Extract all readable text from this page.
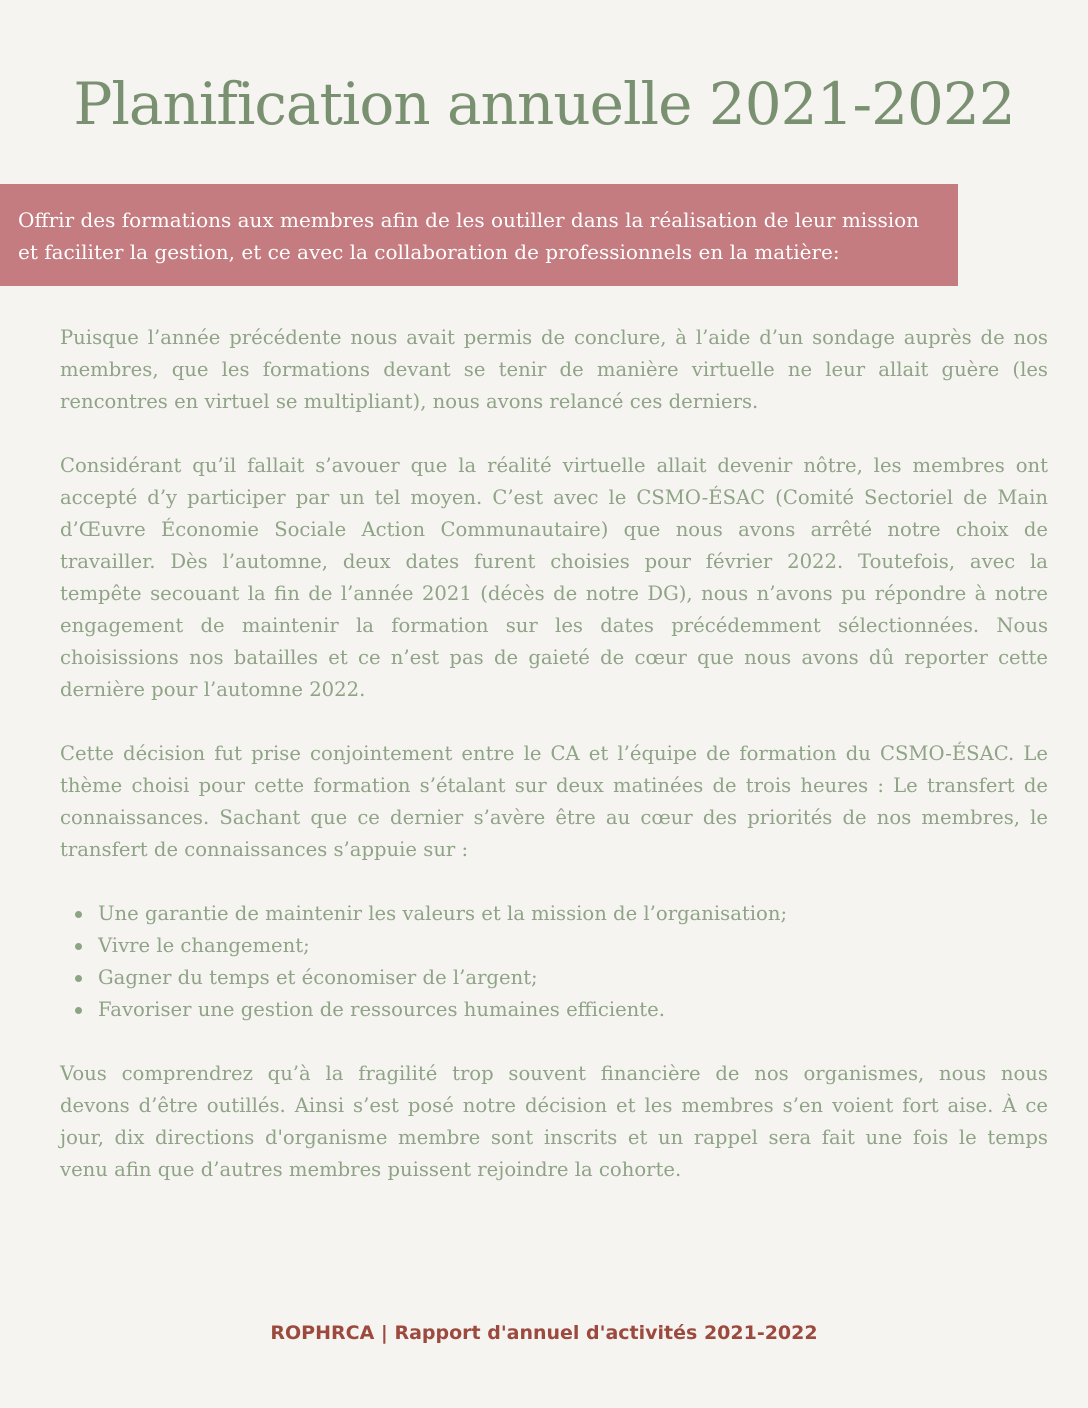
Planification annuelle 2021-2022
Offrir des formations aux membres afin de les outiller dans la réalisation de leur mission
et faciliter la gestion, et ce avec la collaboration de professionnels en la matière:

Puisque l’année précédente nous avait permis de conclure, à l’aide d’un sondage auprès de nos
membres, que les formations devant se tenir de manière virtuelle ne leur allait guère (les
rencontres en virtuel se multipliant), nous avons relancé ces derniers.

Considérant qu’il fallait s’avouer que la réalité virtuelle allait devenir nôtre, les membres ont
accepté d’y participer par un tel moyen. C’est avec le CSMO-ÉSAC (Comité Sectoriel de Main
d’Œuvre Économie Sociale Action Communautaire) que nous avons arrêté notre choix de
travailler. Dès l’automne, deux dates furent choisies pour février 2022. Toutefois, avec la
tempête secouant la fin de l’année 2021 (décès de notre DG), nous n’avons pu répondre à notre
engagement de maintenir la formation sur les dates précédemment sélectionnées. Nous
choisissions nos batailles et ce n’est pas de gaieté de cœur que nous avons dû reporter cette
dernière pour l’automne 2022.

Cette décision fut prise conjointement entre le CA et l’équipe de formation du CSMO-ÉSAC. Le
thème choisi pour cette formation s’étalant sur deux matinées de trois heures : Le transfert de
connaissances. Sachant que ce dernier s’avère être au cœur des priorités de nos membres, le
transfert de connaissances s’appuie sur :

Une garantie de maintenir les valeurs et la mission de l’organisation;
Vivre le changement;
Gagner du temps et économiser de l’argent;
Favoriser une gestion de ressources humaines efficiente.

Vous comprendrez qu’à la fragilité trop souvent financière de nos organismes, nous nous
devons d’être outillés. Ainsi s’est posé notre décision et les membres s’en voient fort aise. À ce
jour, dix directions d'organisme membre sont inscrits et un rappel sera fait une fois le temps
venu afin que d’autres membres puissent rejoindre la cohorte.

ROPHRCA | Rapport d'annuel d'activités 2021-2022
